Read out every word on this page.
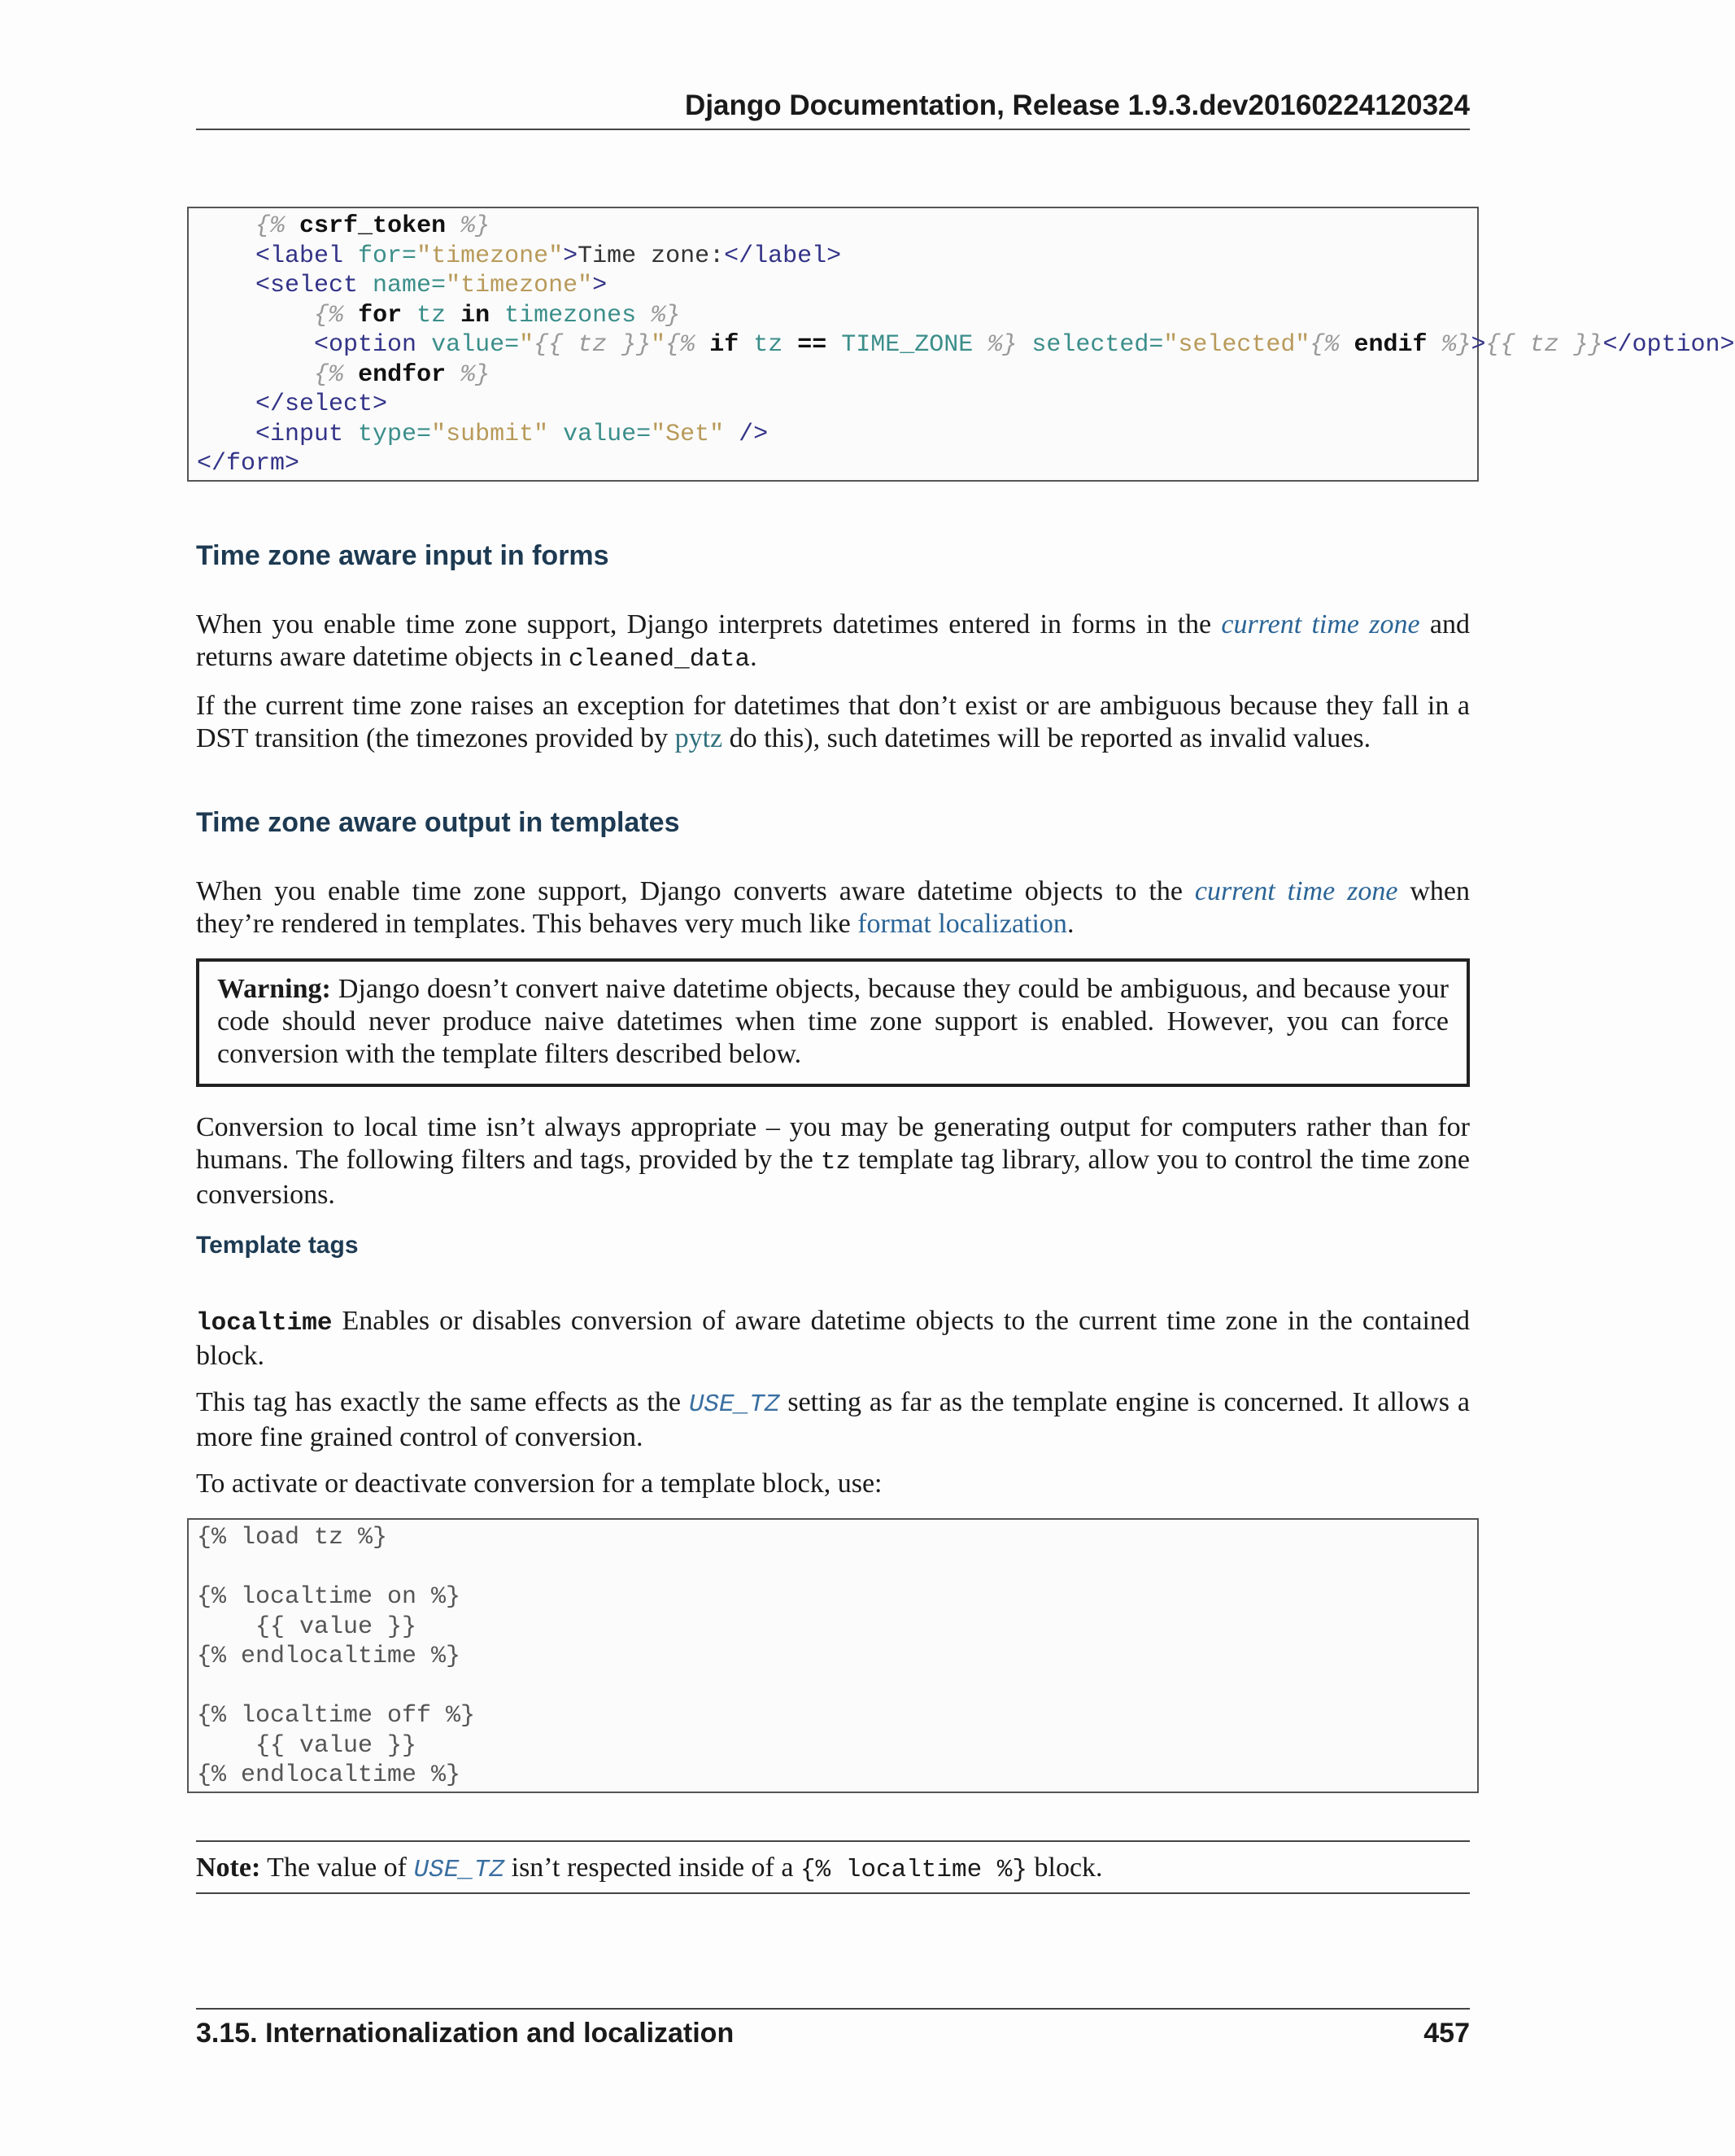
Django Documentation, Release 1.9.3.dev20160224120324
{% csrf_token %}
<label for="timezone">Time zone:</label>
<select name="timezone">
{% for tz in timezones %}
<option value="{{ tz }}"{% if tz == TIME_ZONE %} selected="selected"{% endif %}>{{ tz }}</option>
{% endfor %}
</select>
<input type="submit" value="Set" />
</form>
Time zone aware input in forms

When you enable time zone support, Django interprets datetimes entered in forms in the current time zone and returns aware datetime objects in cleaned_data.

If the current time zone raises an exception for datetimes that don’t exist or are ambiguous because they fall in a DST transition (the timezones provided by pytz do this), such datetimes will be reported as invalid values.

Time zone aware output in templates

When you enable time zone support, Django converts aware datetime objects to the current time zone when they’re rendered in templates. This behaves very much like format localization.

Warning: Django doesn’t convert naive datetime objects, because they could be ambiguous, and because your code should never produce naive datetimes when time zone support is enabled. However, you can force conversion with the template filters described below.

Conversion to local time isn’t always appropriate – you may be generating output for computers rather than for humans. The following filters and tags, provided by the tz template tag library, allow you to control the time zone conversions.

Template tags

localtime Enables or disables conversion of aware datetime objects to the current time zone in the contained block.

This tag has exactly the same effects as the USE_TZ setting as far as the template engine is concerned. It allows a more fine grained control of conversion.

To activate or deactivate conversion for a template block, use:

{% load tz %}

{% localtime on %}
{{ value }}
{% endlocaltime %}

{% localtime off %}
{{ value }}
{% endlocaltime %}
Note: The value of USE_TZ isn’t respected inside of a {% localtime %} block.
3.15. Internationalization and localization	457
